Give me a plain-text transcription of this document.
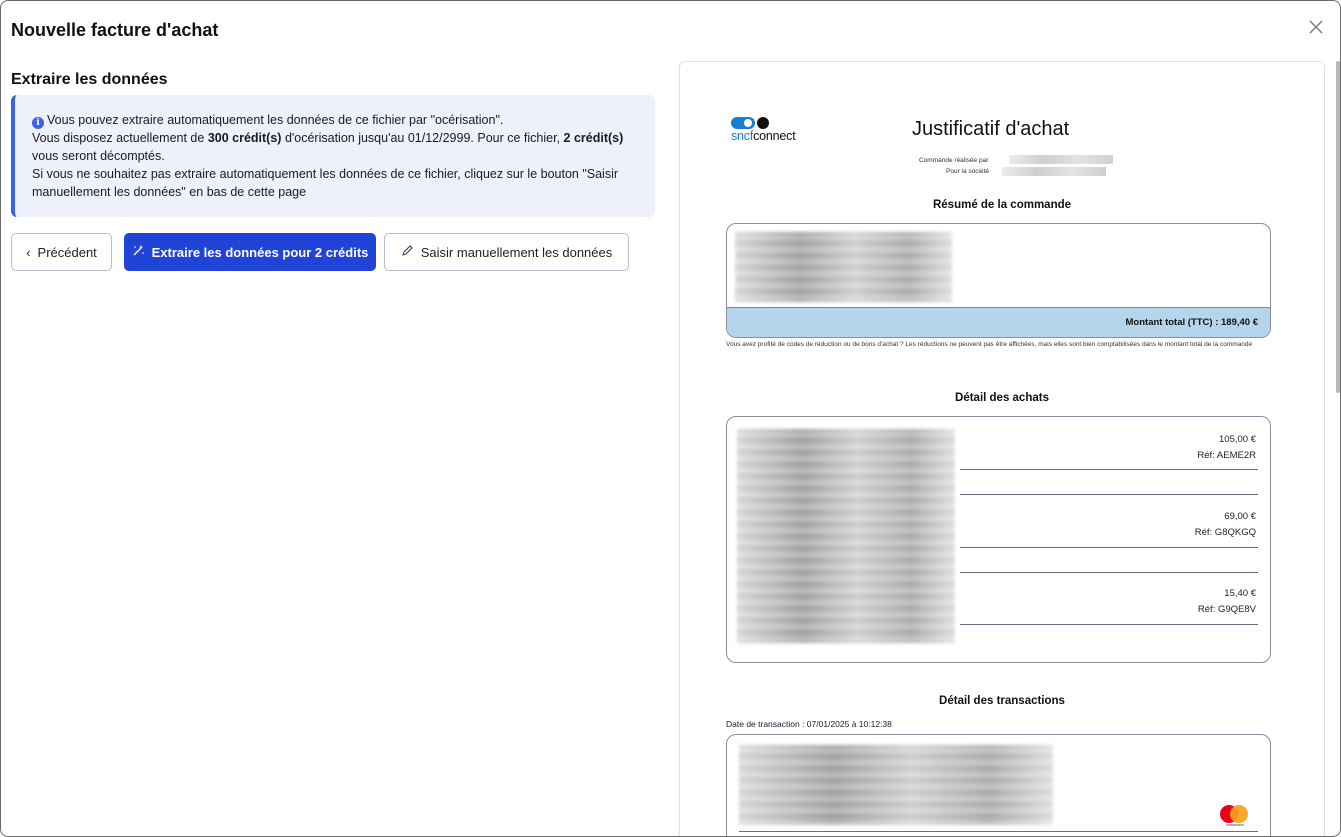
Nouvelle facture d'achat
Extraire les données
i Vous pouvez extraire automatiquement les données de ce fichier par "océrisation".
Vous disposez actuellement de 300 crédit(s) d'océrisation jusqu'au 01/12/2999. Pour ce fichier, 2 crédit(s) vous seront décomptés.
Si vous ne souhaitez pas extraire automatiquement les données de ce fichier, cliquez sur le bouton "Saisir manuellement les données" en bas de cette page
‹ Précédent	Extraire les données pour 2 crédits	Saisir manuellement les données
sncfconnect	Justificatif d'achat
Commande réalisée par
Pour la société
Résumé de la commande
Montant total (TTC) : 189,40 €
Vous avez profité de codes de réduction ou de bons d'achat ? Les réductions ne peuvent pas être affichées, mais elles sont bien comptabilisées dans le montant total de la commande
Détail des achats
105,00 €
Réf: AEME2R
69,00 €
Réf: G8QKGQ
15,40 €
Réf: G9QE8V
Détail des transactions
Date de transaction : 07/01/2025 à 10:12:38
mastercard
